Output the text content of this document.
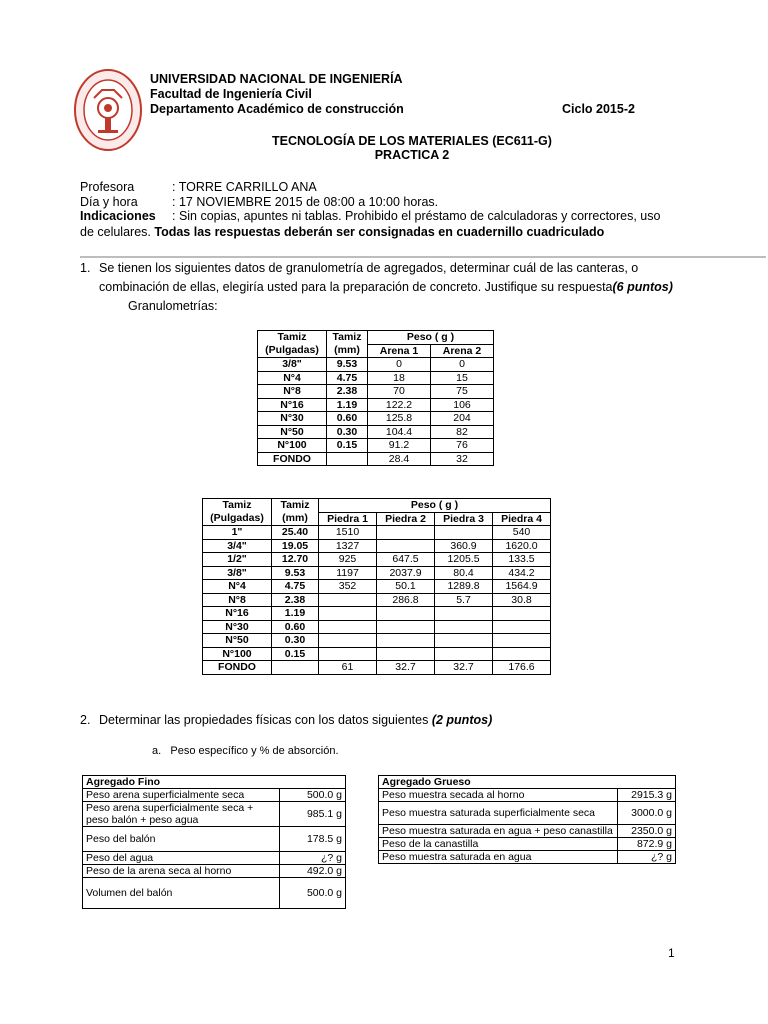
UNIVERSIDAD NACIONAL DE INGENIERÍA
Facultad de Ingeniería Civil
Departamento Académico de construcción	Ciclo 2015-2
TECNOLOGÍA DE LOS MATERIALES (EC611-G)
PRACTICA 2
Profesora	: TORRE CARRILLO ANA
Día y hora	: 17 NOVIEMBRE 2015 de 08:00 a 10:00 horas.
Indicaciones : Sin copias, apuntes ni tablas. Prohibido el préstamo de calculadoras y correctores, uso
de celulares. Todas las respuestas deberán ser consignadas en cuadernillo cuadriculado
1. Se tienen los siguientes datos de granulometría de agregados, determinar cuál de las canteras, o
combinación de ellas, elegiría usted para la preparación de concreto. Justifique su respuesta(6 puntos)
Granulometrías:
Tamiz	Tamiz	Peso ( g )	
(Pulgadas)	(mm)	Arena 1	Arena 2
3/8"	9.53	0	0
N°4	4.75	18	15
N°8	2.38	70	75
N°16	1.19	122.2	106
N°30	0.60	125.8	204
N°50	0.30	104.4	82
N°100	0.15	91.2	76
FONDO		28.4	32
Tamiz	Tamiz	Peso ( g )			
(Pulgadas)	(mm)	Piedra 1	Piedra 2	Piedra 3	Piedra 4
1"	25.40	1510			540
3/4"	19.05	1327		360.9	1620.0
1/2"	12.70	925	647.5	1205.5	133.5
3/8"	9.53	1197	2037.9	80.4	434.2
N°4	4.75	352	50.1	1289.8	1564.9
N°8	2.38		286.8	5.7	30.8
N°16	1.19				
N°30	0.60				
N°50	0.30				
N°100	0.15				
FONDO		61	32.7	32.7	176.6
2. Determinar las propiedades físicas con los datos siguientes (2 puntos)
a. Peso específico y % de absorción.
Agregado Fino	
Peso arena superficialmente seca	500.0 g
Peso arena superficialmente seca + peso balón + peso agua	985.1 g
Peso del balón	178.5 g
Peso del agua	¿? g
Peso de la arena seca al horno	492.0 g
Volumen del balón	500.0 g
Agregado Grueso	
Peso muestra secada al horno	2915.3 g
Peso muestra saturada superficialmente seca	3000.0 g
Peso muestra saturada en agua + peso canastilla	2350.0 g
Peso de la canastilla	872.9 g
Peso muestra saturada en agua	¿? g
1
